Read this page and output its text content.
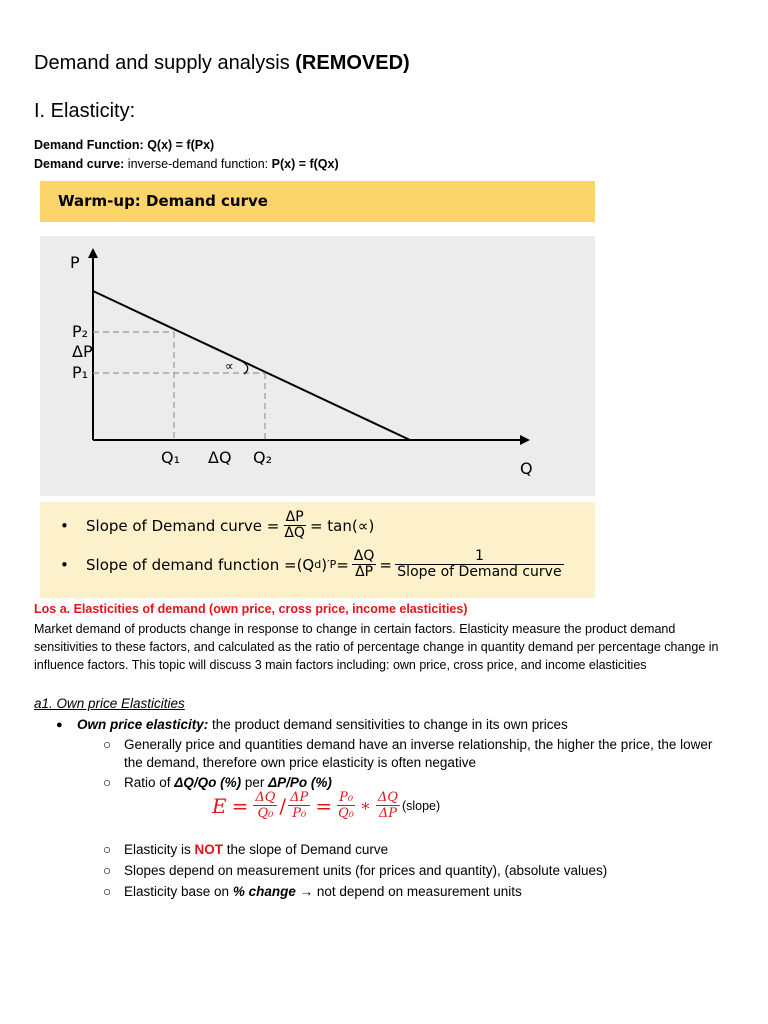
Demand and supply analysis (REMOVED)
I. Elasticity:
Demand Function: Q(x) = f(Px)
Demand curve: inverse-demand function: P(x) = f(Qx)
Warm-up: Demand curve
∝
P
Q
P₂
ΔP
P₁
Q₁ ΔQ Q₂
•	Slope of Demand curve = $\frac{\Delta P}{\Delta Q} = \tan(\propto)$
•	Slope of demand function =(Q d ) ′ $P = \frac{\Delta Q}{\Delta P} = \frac{1}{\text{Slope of Demand curve}}$
Los a. Elasticities of demand (own price, cross price, income elasticities)
Market demand of products change in response to change in certain factors. Elasticity measure the product demand sensitivities to these factors, and calculated as the ratio of percentage change in quantity demand per percentage change in influence factors. This topic will discuss 3 main factors including: own price, cross price, and income elasticities
a1. Own price Elasticities
● Own price elasticity: the product demand sensitivities to change in its own prices
○ Generally price and quantities demand have an inverse relationship, the higher the price, the lower the demand, therefore own price elasticity is often negative
○ Ratio of ΔQ/Qo (%) per ΔP/Po (%)
$E = \frac{\Delta Q}{\text{Q₀}} / \frac{\Delta P}{\text{P₀}} = \frac{\text{P₀}}{\text{Q₀}}$ ∗ $\frac{\Delta Q}{\Delta P}$ (slope)
○ Elasticity is NOT the slope of Demand curve
○ Slopes depend on measurement units (for prices and quantity), (absolute values)
○ Elasticity base on % change → not depend on measurement units
